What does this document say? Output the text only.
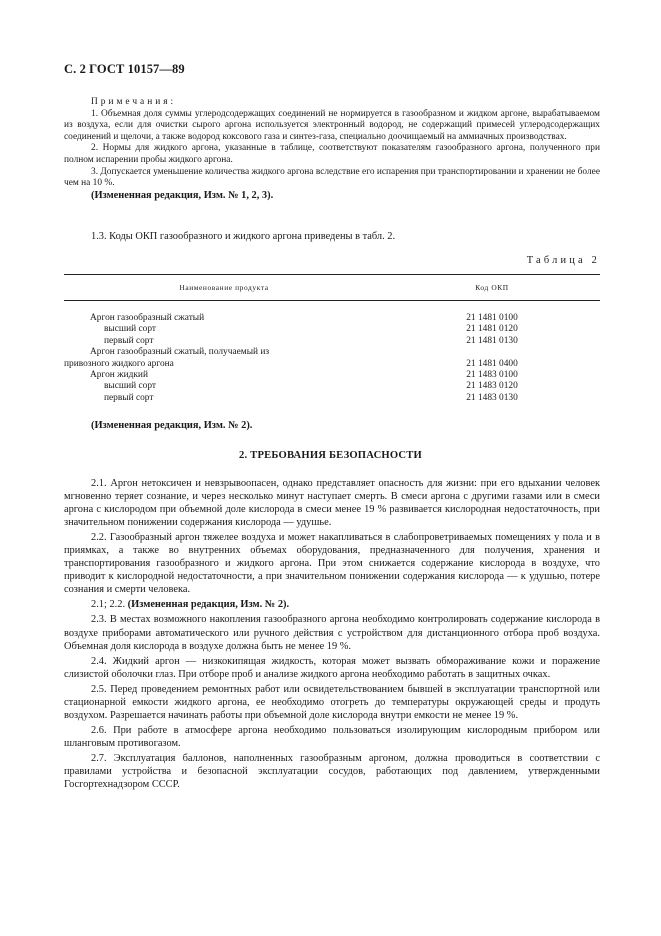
С. 2 ГОСТ 10157—89

Примечания:

1. Объемная доля суммы углеродсодержащих соединений не нормируется в газообразном и жидком аргоне, вырабатываемом из воздуха, если для очистки сырого аргона используется электронный водород, не содержащий примесей углеродсодержащих соединений и щелочи, а также водород коксового газа и синтез-газа, специально доочищаемый на аммиачных производствах.

2. Нормы для жидкого аргона, указанные в таблице, соответствуют показателям газообразного аргона, полученного при полном испарении пробы жидкого аргона.

3. Допускается уменьшение количества жидкого аргона вследствие его испарения при транспортировании и хранении не более чем на 10 %.

(Измененная редакция, Изм. № 1, 2, 3).

1.3. Коды ОКП газообразного и жидкого аргона приведены в табл. 2.

Таблица 2
Наименование продукта	Код ОКП
Аргон газообразный сжатый	21 1481 0100
высший сорт	21 1481 0120
первый сорт	21 1481 0130
Аргон газообразный сжатый, получаемый из
привозного жидкого аргона	21 1481 0400
Аргон жидкий	21 1483 0100
высший сорт	21 1483 0120
первый сорт	21 1483 0130
(Измененная редакция, Изм. № 2).
2. ТРЕБОВАНИЯ БЕЗОПАСНОСТИ

2.1. Аргон нетоксичен и невзрывоопасен, однако представляет опасность для жизни: при его вдыхании человек мгновенно теряет сознание, и через несколько минут наступает смерть. В смеси аргона с другими газами или в смеси аргона с кислородом при объемной доле кислорода в смеси менее 19 % развивается кислородная недостаточность, при значительном понижении содержания кислорода — удушье.

2.2. Газообразный аргон тяжелее воздуха и может накапливаться в слабопроветриваемых помещениях у пола и в приямках, а также во внутренних объемах оборудования, предназначенного для получения, хранения и транспортирования газообразного и жидкого аргона. При этом снижается содержание кислорода в воздухе, что приводит к кислородной недостаточности, а при значительном понижении содержания кислорода — к удушью, потере сознания и смерти человека.

2.1; 2.2. (Измененная редакция, Изм. № 2).

2.3. В местах возможного накопления газообразного аргона необходимо контролировать содержание кислорода в воздухе приборами автоматического или ручного действия с устройством для дистанционного отбора проб воздуха. Объемная доля кислорода в воздухе должна быть не менее 19 %.

2.4. Жидкий аргон — низкокипящая жидкость, которая может вызвать обмораживание кожи и поражение слизистой оболочки глаз. При отборе проб и анализе жидкого аргона необходимо работать в защитных очках.

2.5. Перед проведением ремонтных работ или освидетельствованием бывшей в эксплуатации транспортной или стационарной емкости жидкого аргона, ее необходимо отогреть до температуры окружающей среды и продуть воздухом. Разрешается начинать работы при объемной доле кислорода внутри емкости не менее 19 %.

2.6. При работе в атмосфере аргона необходимо пользоваться изолирующим кислородным прибором или шланговым противогазом.

2.7. Эксплуатация баллонов, наполненных газообразным аргоном, должна проводиться в соответствии с правилами устройства и безопасной эксплуатации сосудов, работающих под давлением, утвержденными Госгортехнадзором СССР.
